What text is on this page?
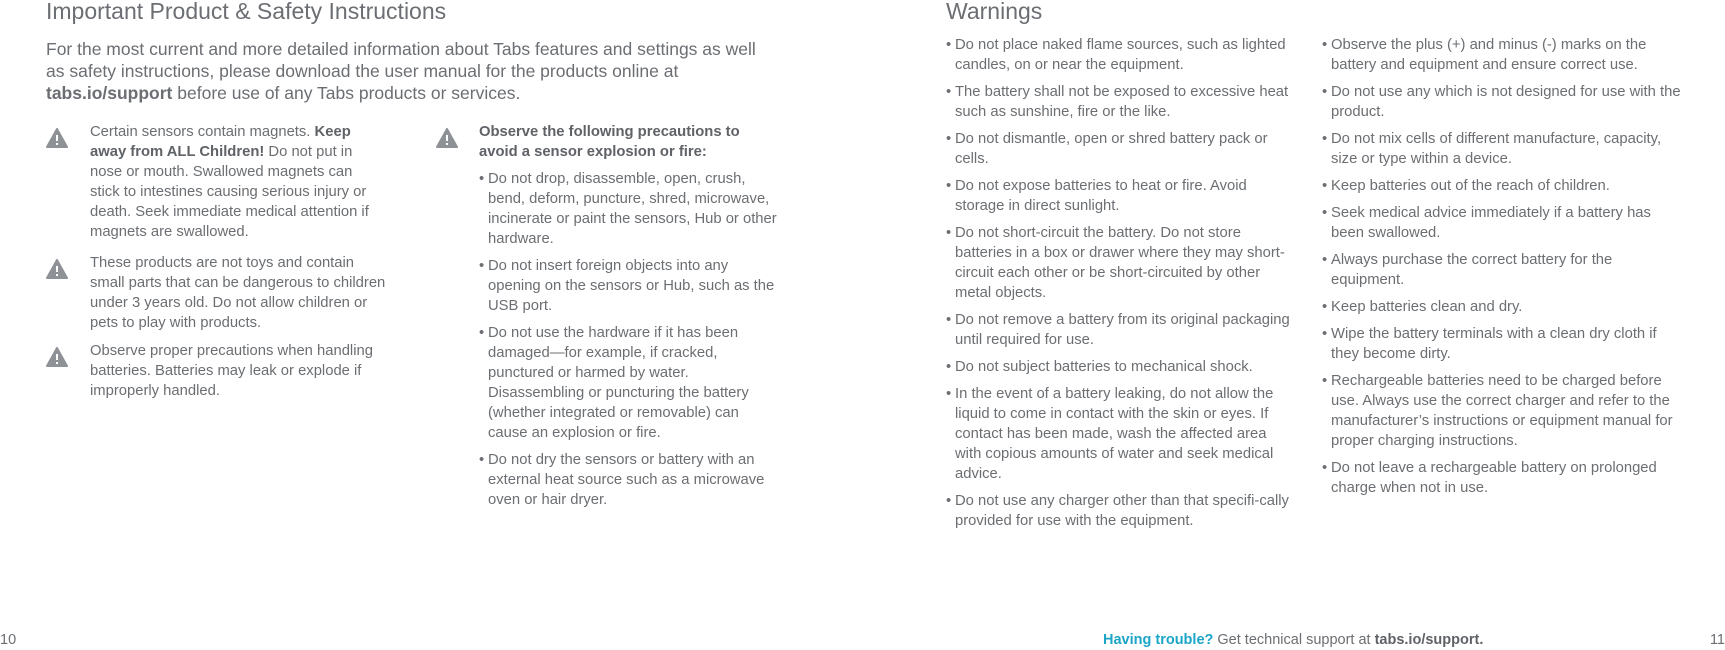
Important Product & Safety Instructions

For the most current and more detailed information about Tabs features and settings as well as safety instructions, please download the user manual for the products online at tabs.io/support before use of any Tabs products or services.

Certain sensors contain magnets. Keep away from ALL Children! Do not put in nose or mouth. Swallowed magnets can stick to intestines causing serious injury or death. Seek immediate medical attention if magnets are swallowed.
These products are not toys and contain small parts that can be dangerous to children under 3 years old. Do not allow children or pets to play with products.
Observe proper precautions when handling batteries. Batteries may leak or explode if improperly handled.
Observe the following precautions to avoid a sensor explosion or fire:
• Do not drop, disassemble, open, crush, bend, deform, puncture, shred, microwave, incinerate or paint the sensors, Hub or other hardware.
• Do not insert foreign objects into any opening on the sensors or Hub, such as the USB port.
• Do not use the hardware if it has been damaged—for example, if cracked, punctured or harmed by water. Disassembling or puncturing the battery (whether integrated or removable) can cause an explosion or fire.
• Do not dry the sensors or battery with an external heat source such as a microwave oven or hair dryer.
Warnings
• Do not place naked flame sources, such as lighted candles, on or near the equipment.
• The battery shall not be exposed to excessive heat such as sunshine, fire or the like.
• Do not dismantle, open or shred battery pack or cells.
• Do not expose batteries to heat or fire. Avoid storage in direct sunlight.
• Do not short-circuit the battery. Do not store batteries in a box or drawer where they may short-circuit each other or be short-circuited by other metal objects.
• Do not remove a battery from its original packaging until required for use.
• Do not subject batteries to mechanical shock.
• In the event of a battery leaking, do not allow the liquid to come in contact with the skin or eyes. If contact has been made, wash the affected area with copious amounts of water and seek medical advice.
• Do not use any charger other than that specifi-cally provided for use with the equipment.
• Observe the plus (+) and minus (-) marks on the battery and equipment and ensure correct use.
• Do not use any which is not designed for use with the product.
• Do not mix cells of different manufacture, capacity, size or type within a device.
• Keep batteries out of the reach of children.
• Seek medical advice immediately if a battery has been swallowed.
• Always purchase the correct battery for the equipment.
• Keep batteries clean and dry.
• Wipe the battery terminals with a clean dry cloth if they become dirty.
• Rechargeable batteries need to be charged before use. Always use the correct charger and refer to the manufacturer’s instructions or equipment manual for proper charging instructions.
• Do not leave a rechargeable battery on prolonged charge when not in use.
10	Having trouble? Get technical support at tabs.io/support.	11
